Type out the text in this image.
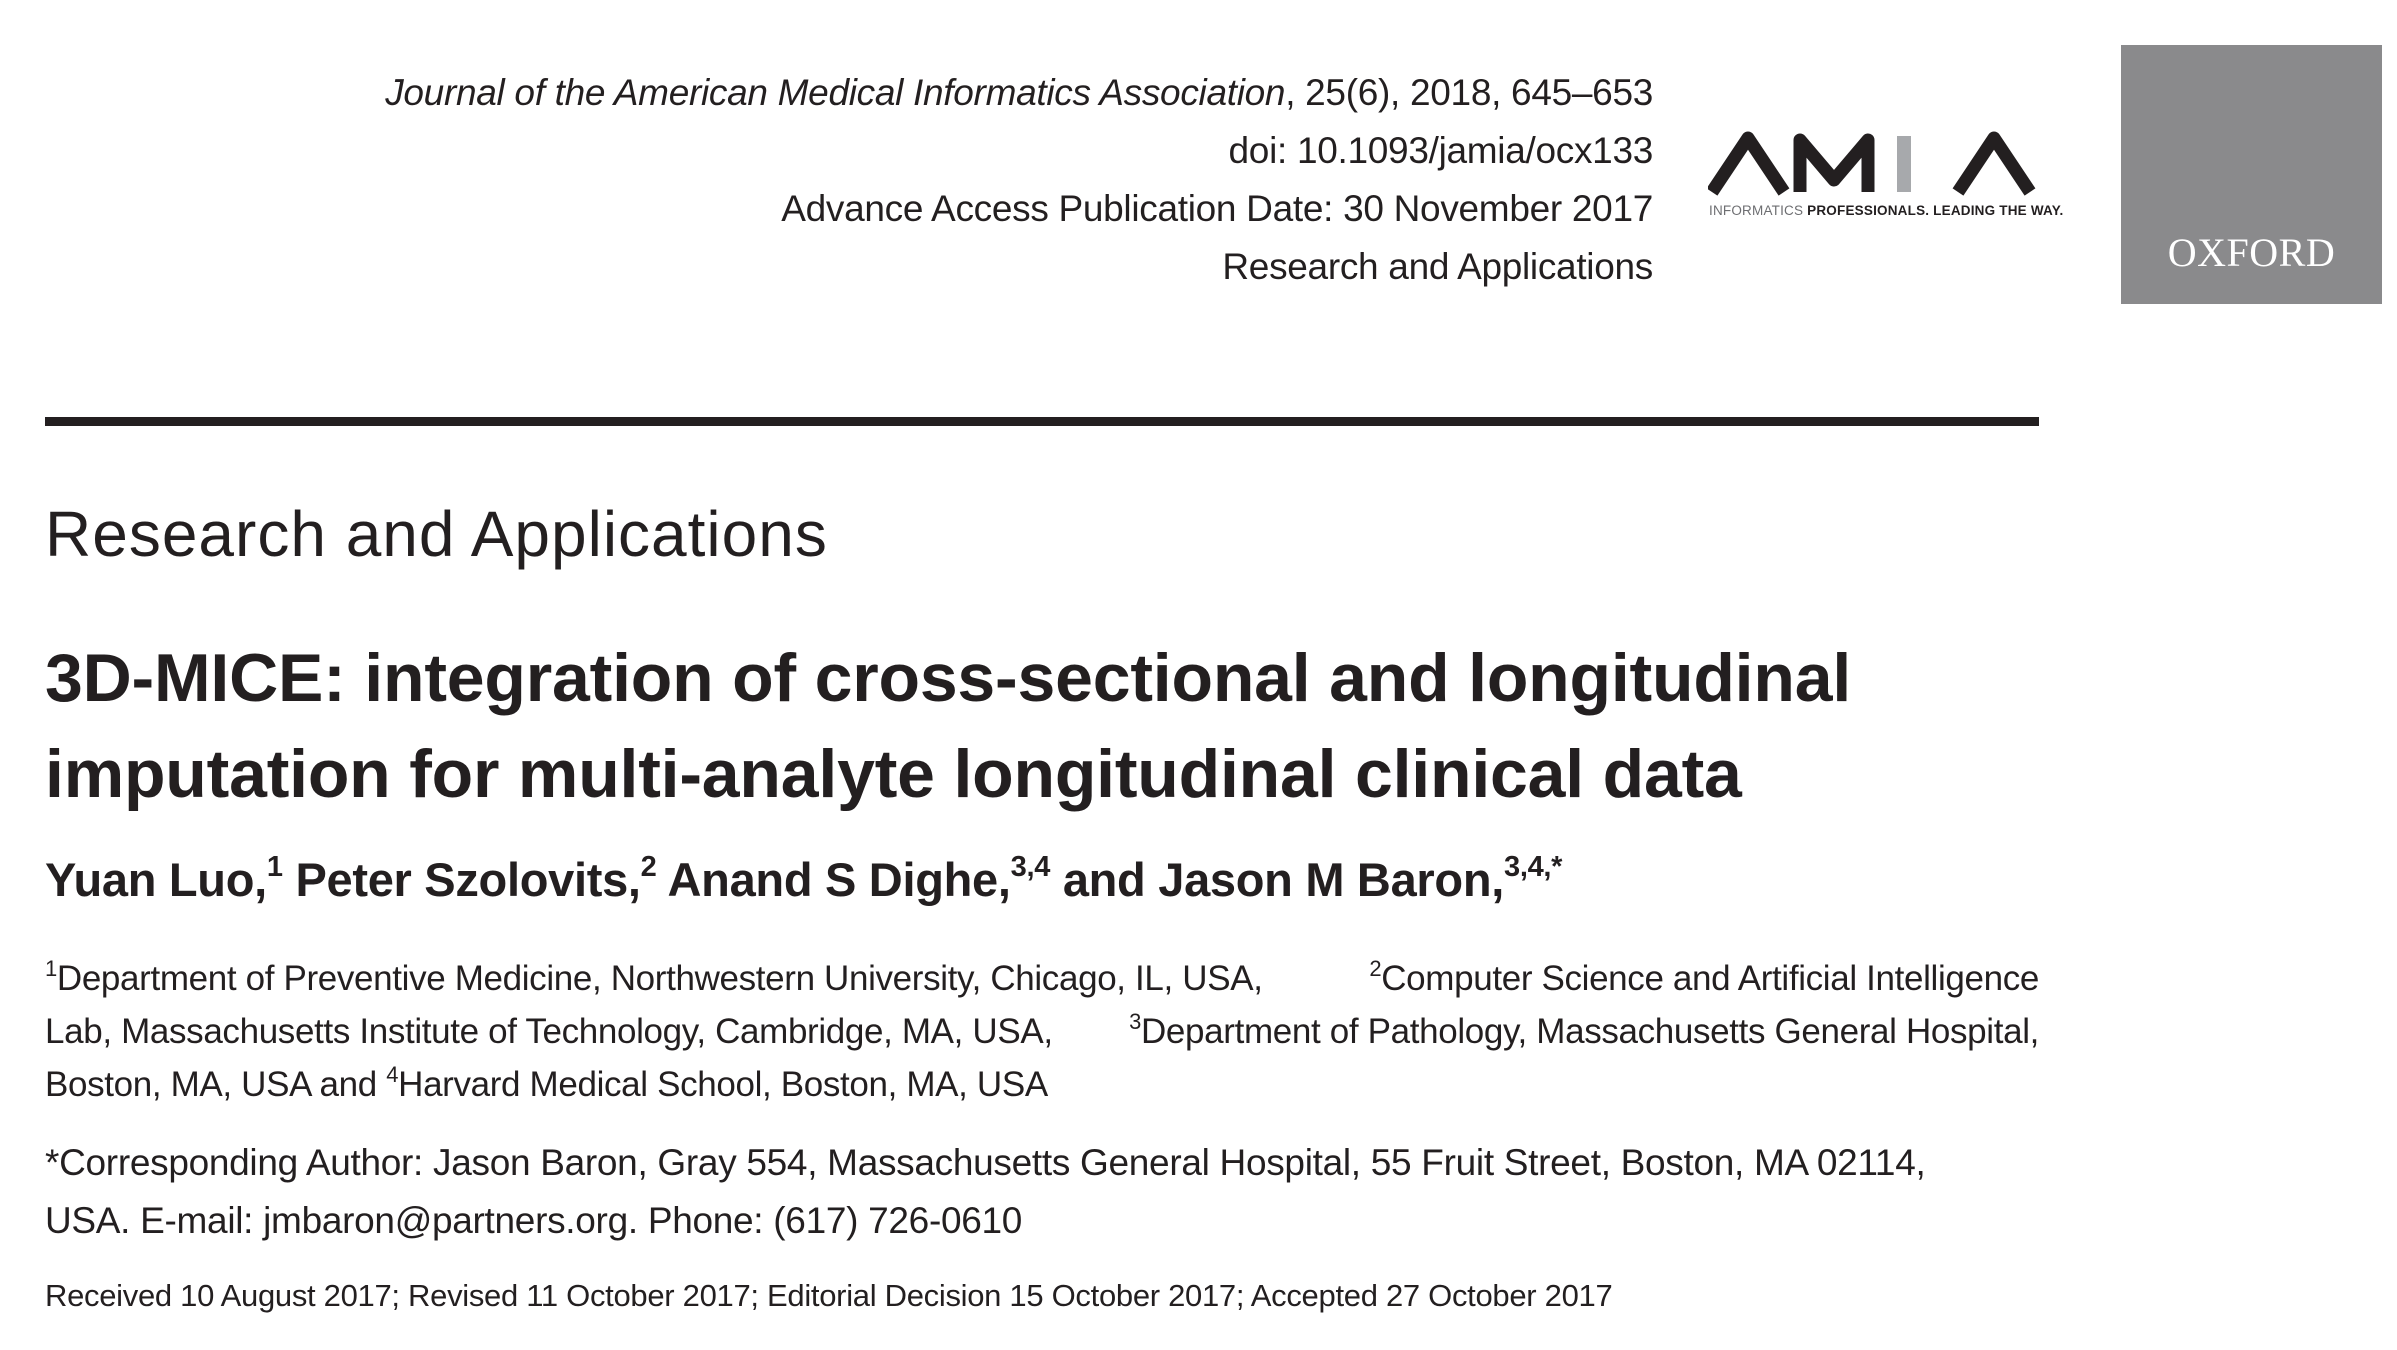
Journal of the American Medical Informatics Association, 25(6), 2018, 645–653
doi: 10.1093/jamia/ocx133
Advance Access Publication Date: 30 November 2017
Research and Applications
INFORMATICS PROFESSIONALS. LEADING THE WAY.
OXFORD
Research and Applications
3D-MICE: integration of cross-sectional and longitudinal
imputation for multi-analyte longitudinal clinical data
Yuan Luo,$^1$ Peter Szolovits,$^2$ Anand S Dighe,$^{3,4}$ and Jason M Baron,$^{3,4,*}$
$^1$Department of Preventive Medicine, Northwestern University, Chicago, IL, USA,	$^2$Computer Science and Artificial Intelligence
Lab, Massachusetts Institute of Technology, Cambridge, MA, USA,	$^3$Department of Pathology, Massachusetts General Hospital,
Boston, MA, USA and $^4$Harvard Medical School, Boston, MA, USA
*Corresponding Author: Jason Baron, Gray 554, Massachusetts General Hospital, 55 Fruit Street, Boston, MA 02114,
USA. E-mail: jmbaron@partners.org. Phone: (617) 726-0610
Received 10 August 2017; Revised 11 October 2017; Editorial Decision 15 October 2017; Accepted 27 October 2017
